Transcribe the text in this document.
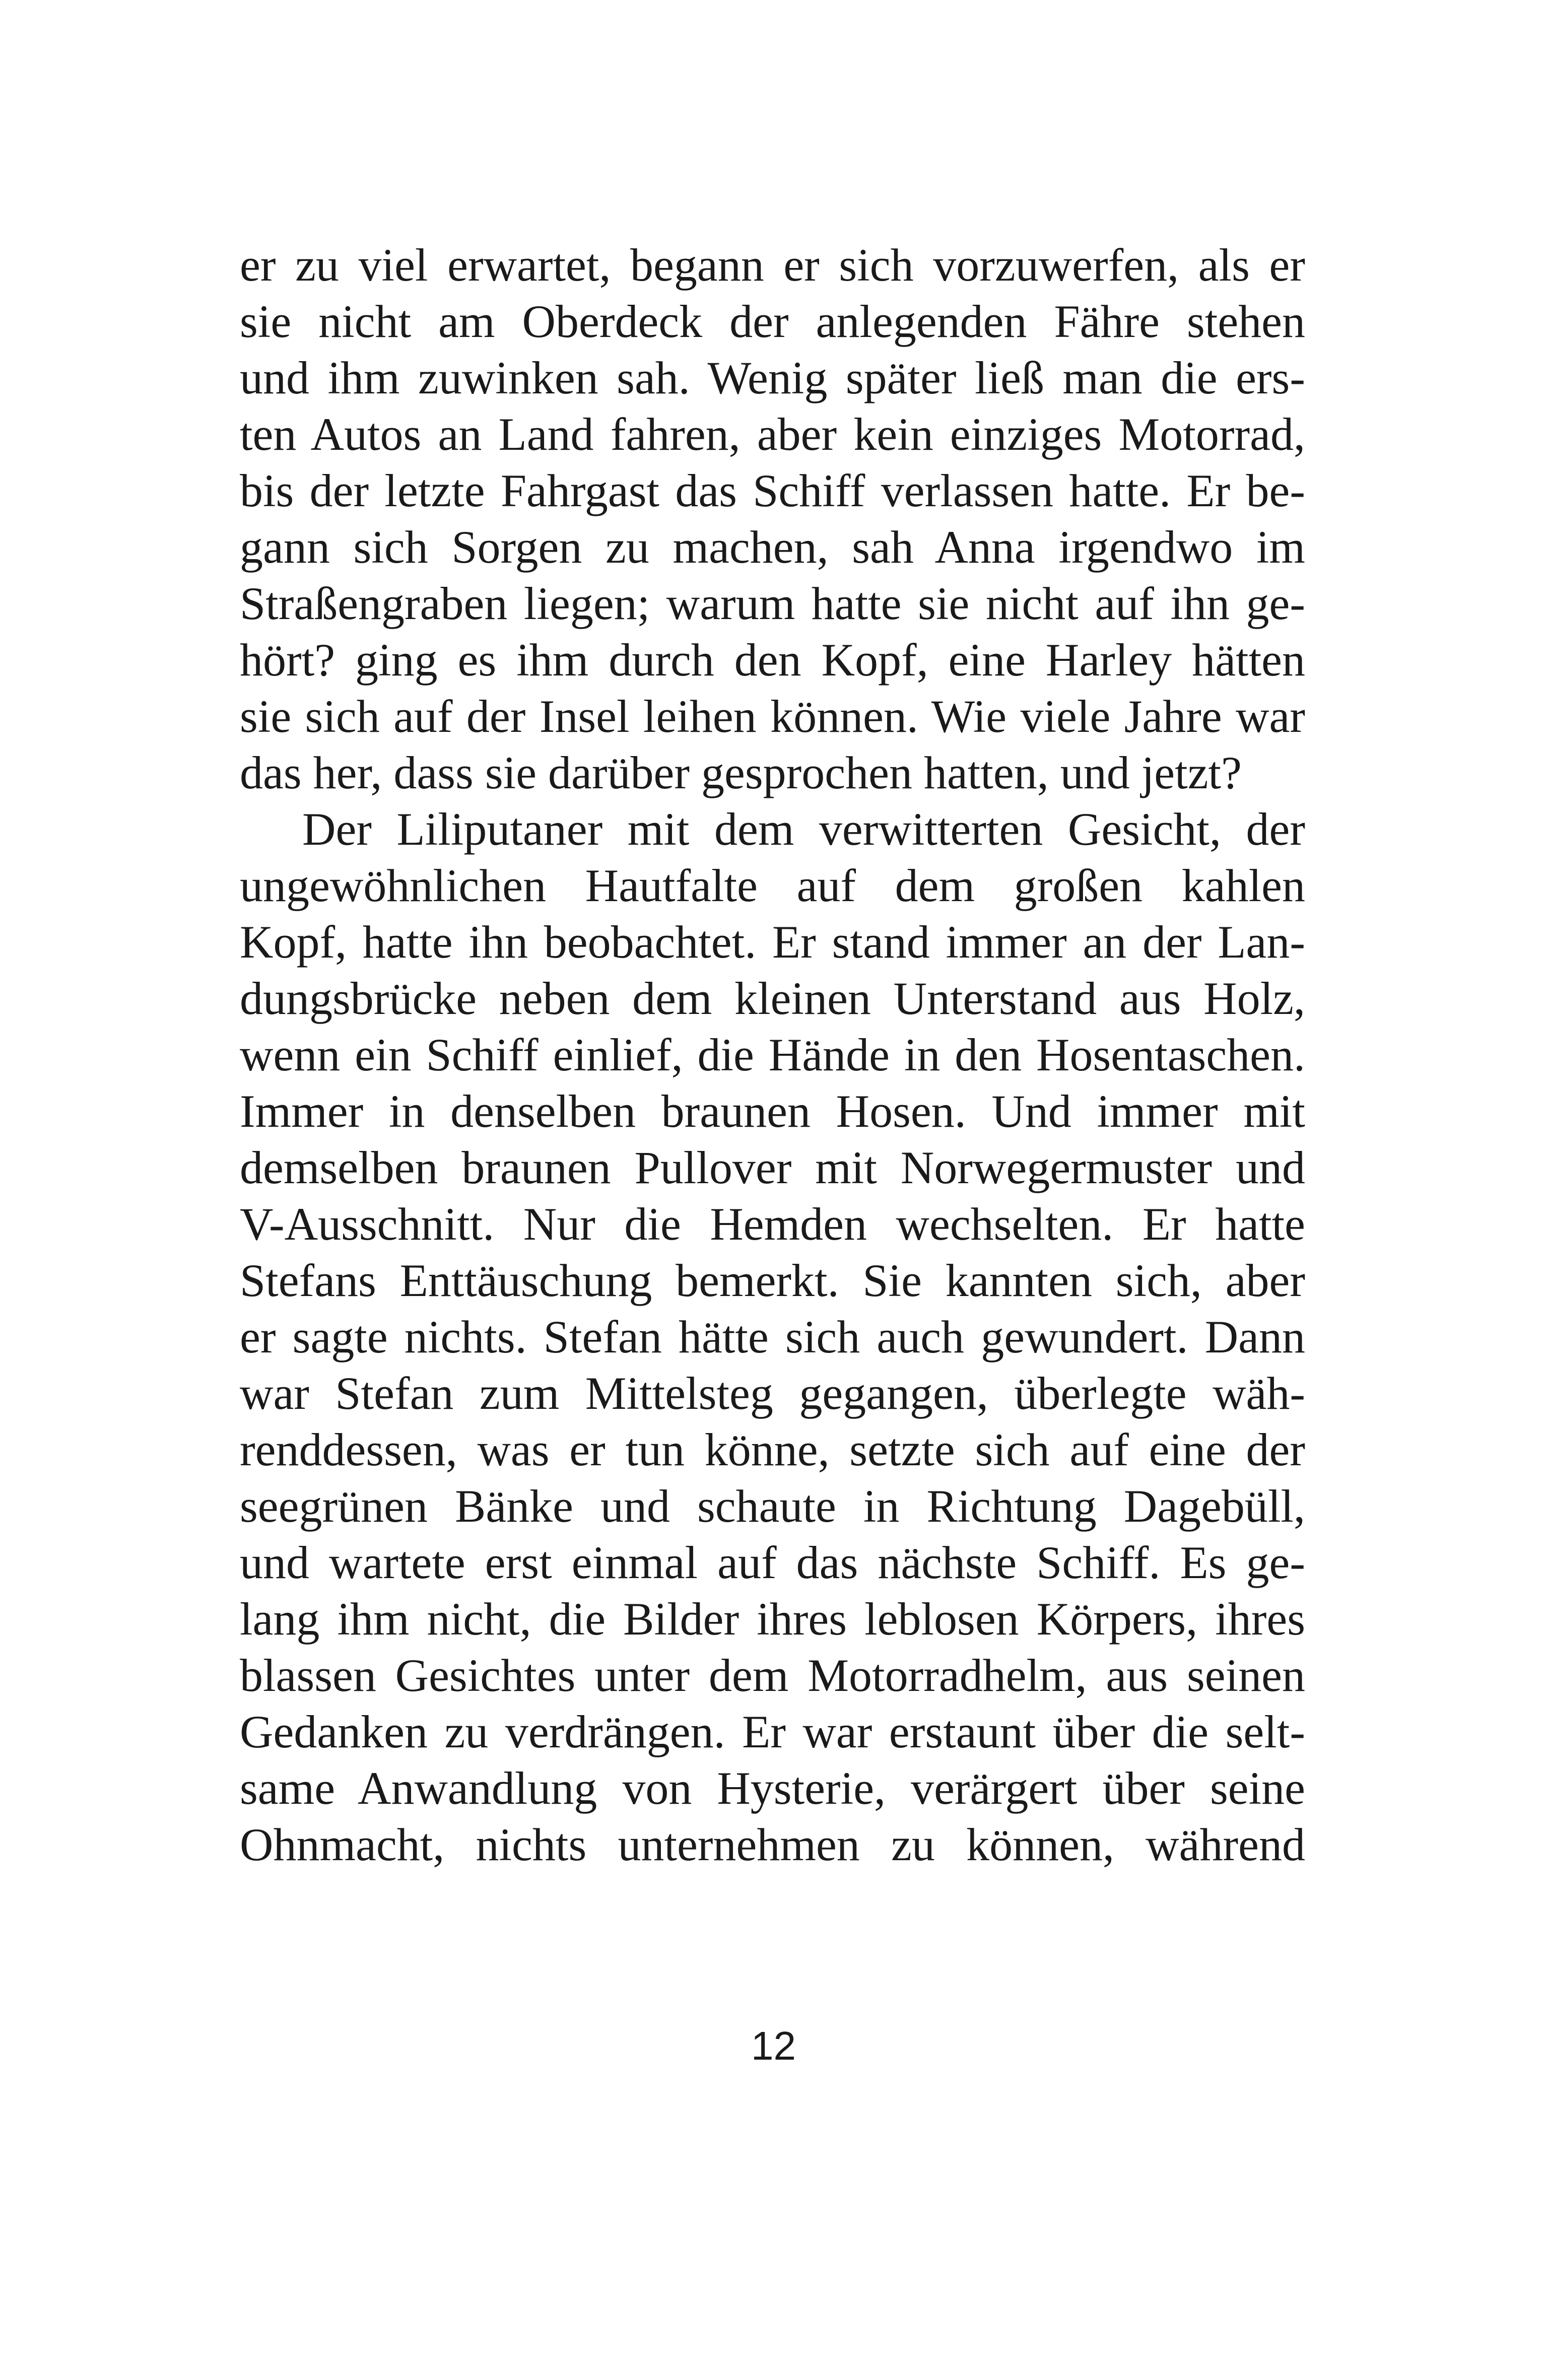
er zu viel erwartet, begann er sich vorzuwerfen, als er
sie nicht am Oberdeck der anlegenden Fähre stehen
und ihm zuwinken sah. Wenig später ließ man die ers-
ten Autos an Land fahren, aber kein einziges Motorrad,
bis der letzte Fahrgast das Schiff verlassen hatte. Er be-
gann sich Sorgen zu machen, sah Anna irgendwo im
Straßengraben liegen; warum hatte sie nicht auf ihn ge-
hört? ging es ihm durch den Kopf, eine Harley hätten
sie sich auf der Insel leihen können. Wie viele Jahre war
das her, dass sie darüber gesprochen hatten, und jetzt?
Der Liliputaner mit dem verwitterten Gesicht, der
ungewöhnlichen Hautfalte auf dem großen kahlen
Kopf, hatte ihn beobachtet. Er stand immer an der Lan-
dungsbrücke neben dem kleinen Unterstand aus Holz,
wenn ein Schiff einlief, die Hände in den Hosentaschen.
Immer in denselben braunen Hosen. Und immer mit
demselben braunen Pullover mit Norwegermuster und
V-Ausschnitt. Nur die Hemden wechselten. Er hatte
Stefans Enttäuschung bemerkt. Sie kannten sich, aber
er sagte nichts. Stefan hätte sich auch gewundert. Dann
war Stefan zum Mittelsteg gegangen, überlegte wäh-
renddessen, was er tun könne, setzte sich auf eine der
seegrünen Bänke und schaute in Richtung Dagebüll,
und wartete erst einmal auf das nächste Schiff. Es ge-
lang ihm nicht, die Bilder ihres leblosen Körpers, ihres
blassen Gesichtes unter dem Motorradhelm, aus seinen
Gedanken zu verdrängen. Er war erstaunt über die selt-
same Anwandlung von Hysterie, verärgert über seine
Ohnmacht, nichts unternehmen zu können, während
12
